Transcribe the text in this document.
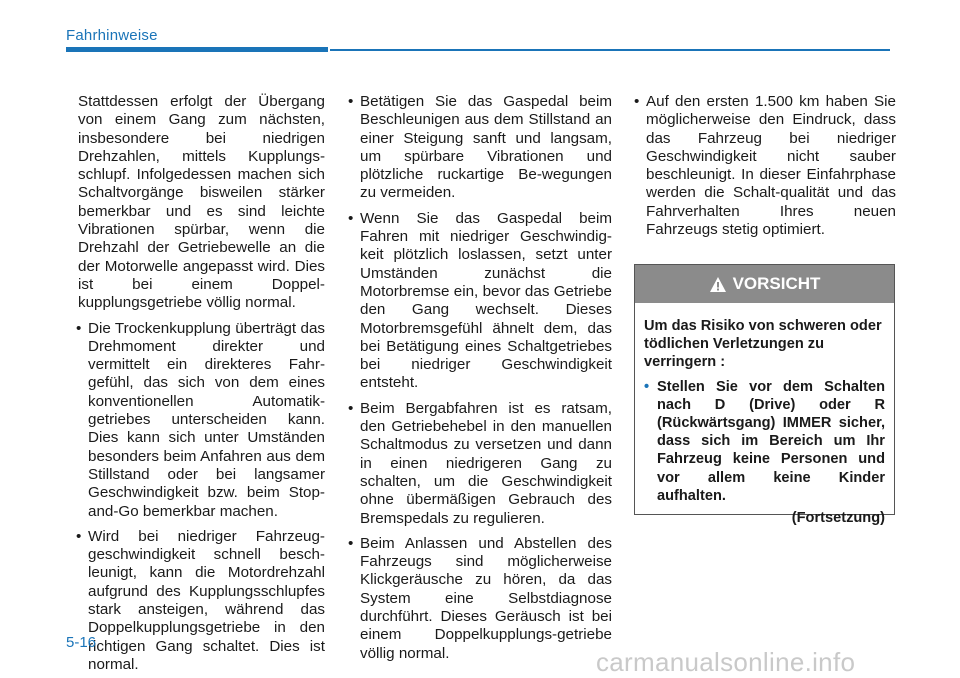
Fahrhinweise

Stattdessen erfolgt der Übergang von einem Gang zum nächsten, insbesondere bei niedrigen Drehzahlen, mittels Kupplungs-schlupf. Infolgedessen machen sich Schaltvorgänge bisweilen stärker bemerkbar und es sind leichte Vibrationen spürbar, wenn die Drehzahl der Getriebewelle an die der Motorwelle angepasst wird. Dies ist bei einem Doppel-kupplungsgetriebe völlig normal.

• Die Trockenkupplung überträgt das Drehmoment direkter und vermittelt ein direkteres Fahr-gefühl, das sich von dem eines konventionellen Automatik-getriebes unterscheiden kann. Dies kann sich unter Umständen besonders beim Anfahren aus dem Stillstand oder bei langsamer Geschwindigkeit bzw. beim Stop-and-Go bemerkbar machen.
• Wird bei niedriger Fahrzeug-geschwindigkeit schnell besch-leunigt, kann die Motordrehzahl aufgrund des Kupplungsschlupfes stark ansteigen, während das Doppelkupplungsgetriebe in den richtigen Gang schaltet. Dies ist normal.
• Betätigen Sie das Gaspedal beim Beschleunigen aus dem Stillstand an einer Steigung sanft und langsam, um spürbare Vibrationen und plötzliche ruckartige Be-wegungen zu vermeiden.
• Wenn Sie das Gaspedal beim Fahren mit niedriger Geschwindig-keit plötzlich loslassen, setzt unter Umständen zunächst die Motorbremse ein, bevor das Getriebe den Gang wechselt. Dieses Motorbremsgefühl ähnelt dem, das bei Betätigung eines Schaltgetriebes bei niedriger Geschwindigkeit entsteht.
• Beim Bergabfahren ist es ratsam, den Getriebehebel in den manuellen Schaltmodus zu versetzen und dann in einen niedrigeren Gang zu schalten, um die Geschwindigkeit ohne übermäßigen Gebrauch des Bremspedals zu regulieren.
• Beim Anlassen und Abstellen des Fahrzeugs sind möglicherweise Klickgeräusche zu hören, da das System eine Selbstdiagnose durchführt. Dieses Geräusch ist bei einem Doppelkupplungs-getriebe völlig normal.
• Auf den ersten 1.500 km haben Sie möglicherweise den Eindruck, dass das Fahrzeug bei niedriger Geschwindigkeit nicht sauber beschleunigt. In dieser Einfahrphase werden die Schalt-qualität und das Fahrverhalten Ihres neuen Fahrzeugs stetig optimiert.
VORSICHT

Um das Risiko von schweren oder tödlichen Verletzungen zu verringern :

• Stellen Sie vor dem Schalten nach D (Drive) oder R (Rückwärtsgang) IMMER sicher, dass sich im Bereich um Ihr Fahrzeug keine Personen und vor allem keine Kinder aufhalten.

(Fortsetzung)

5-16
carmanualsonline.info
